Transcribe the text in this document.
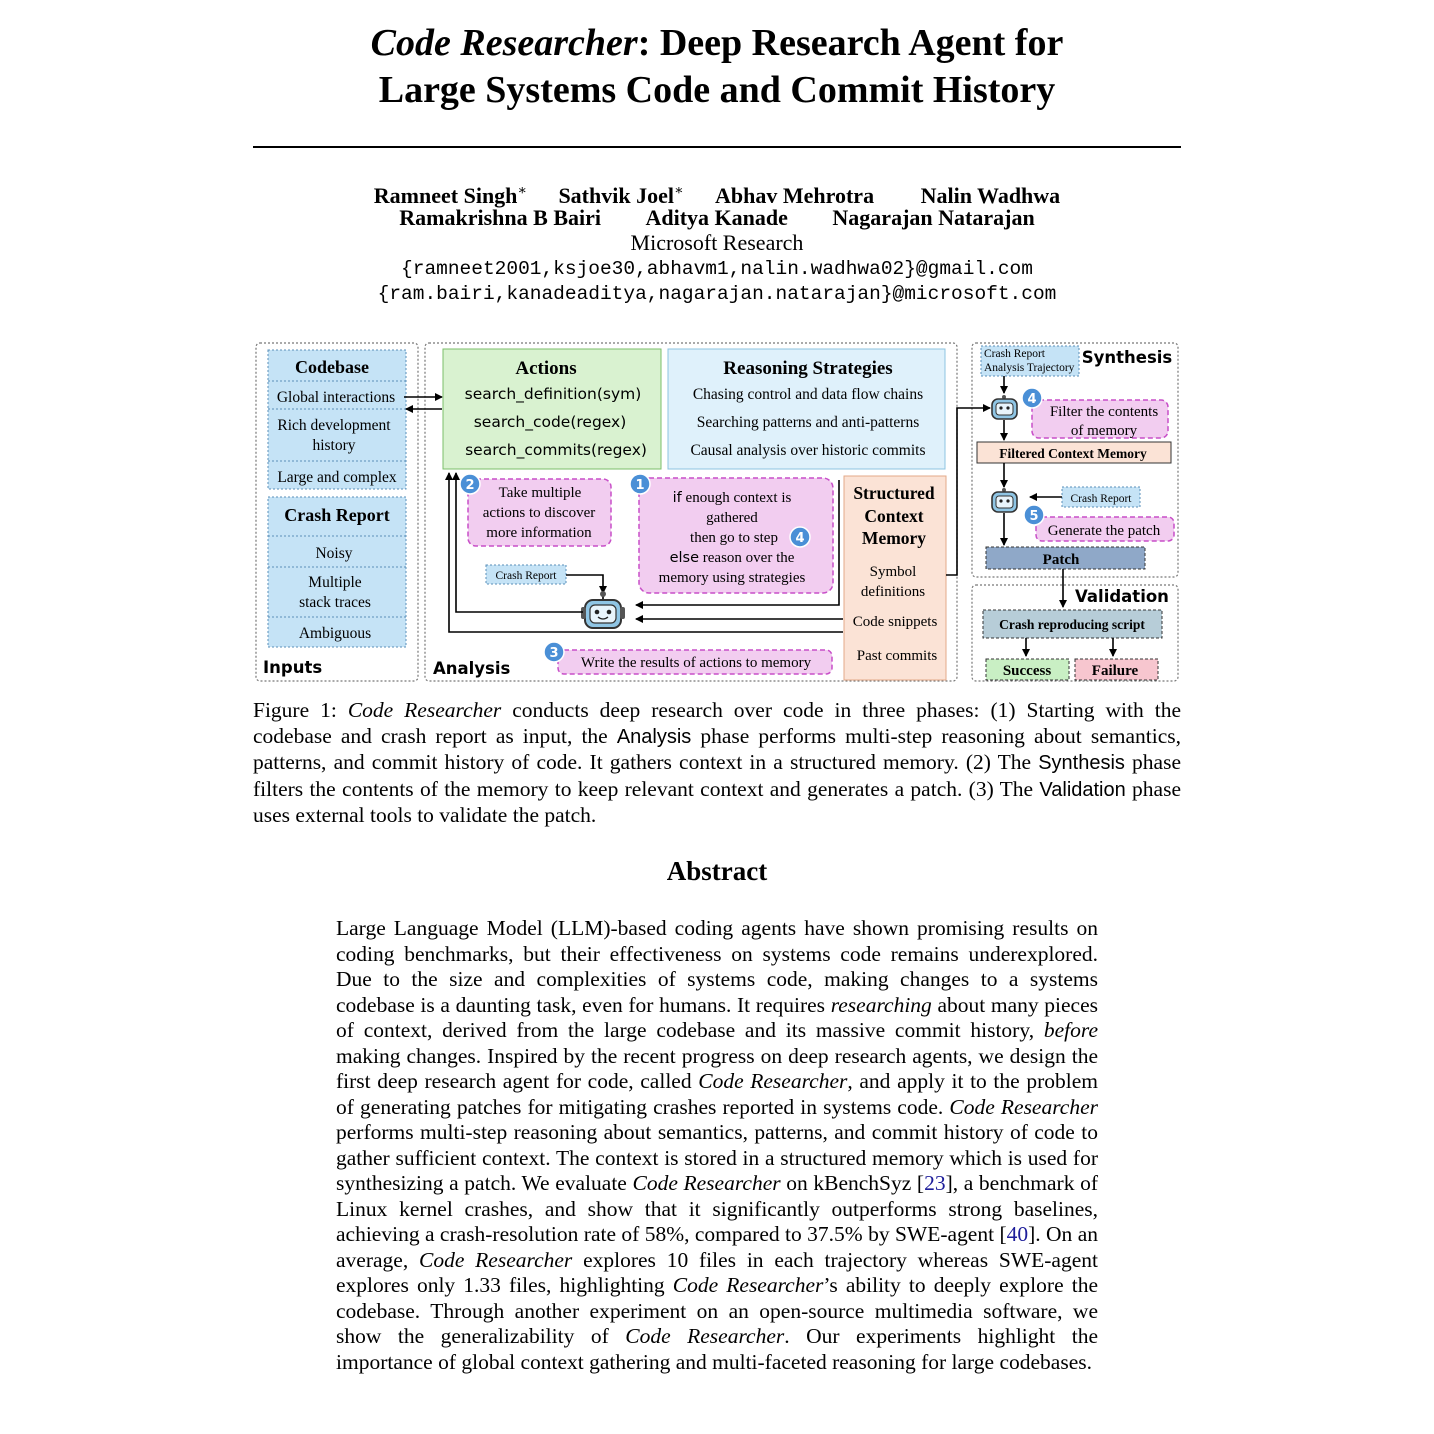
Code Researcher: Deep Research Agent for
Large Systems Code and Commit History
Ramneet Singh∗ Sathvik Joel∗ Abhav Mehrotra Nalin Wadhwa
Ramakrishna B Bairi Aditya Kanade Nagarajan Natarajan
Microsoft Research
{ramneet2001,ksjoe30,abhavm1,nalin.wadhwa02}@gmail.com
{ram.bairi,kanadeaditya,nagarajan.natarajan}@microsoft.com
Codebase
Global interactions
Rich development
history
Large and complex
Crash Report
Noisy
Multiple
stack traces
Ambiguous
Inputs
Actions
search_definition(sym)
search_code(regex)
search_commits(regex)
Reasoning Strategies
Chasing control and data flow chains
Searching patterns and anti-patterns
Causal analysis over historic commits
Structured
Context
Memory
Symbol
definitions
Code snippets
Past commits
Take multiple
actions to discover
more information
2
if enough context is
gathered
then go to step 4
else reason over the
memory using strategies
1
Crash Report
Write the results of actions to memory
3
Analysis
Crash Report
Analysis Trajectory
Synthesis
Filter the contents
of memory
4
Filtered Context Memory
Crash Report
Generate the patch
5
Patch
Validation
Crash reproducing script
Success	Failure
Figure 1: Code Researcher conducts deep research over code in three phases: (1) Starting with the codebase and crash report as input, the Analysis phase performs multi-step reasoning about semantics, patterns, and commit history of code. It gathers context in a structured memory. (2) The Synthesis phase filters the contents of the memory to keep relevant context and generates a patch. (3) The Validation phase uses external tools to validate the patch.
Abstract
Large Language Model (LLM)-based coding agents have shown promising results on coding benchmarks, but their effectiveness on systems code remains underexplored. Due to the size and complexities of systems code, making changes to a systems codebase is a daunting task, even for humans. It requires researching about many pieces of context, derived from the large codebase and its massive commit history, before making changes. Inspired by the recent progress on deep research agents, we design the first deep research agent for code, called Code Researcher, and apply it to the problem of generating patches for mitigating crashes reported in systems code. Code Researcher performs multi-step reasoning about semantics, patterns, and commit history of code to gather sufficient context. The context is stored in a structured memory which is used for synthesizing a patch. We evaluate Code Researcher on kBenchSyz [23], a benchmark of Linux kernel crashes, and show that it significantly outperforms strong baselines, achieving a crash-resolution rate of 58%, compared to 37.5% by SWE-agent [40]. On an average, Code Researcher explores 10 files in each trajectory whereas SWE-agent explores only 1.33 files, highlighting Code Researcher’s ability to deeply explore the codebase. Through another experiment on an open-source multimedia software, we show the generalizability of Code Researcher. Our experiments highlight the importance of global context gathering and multi-faceted reasoning for large codebases.
